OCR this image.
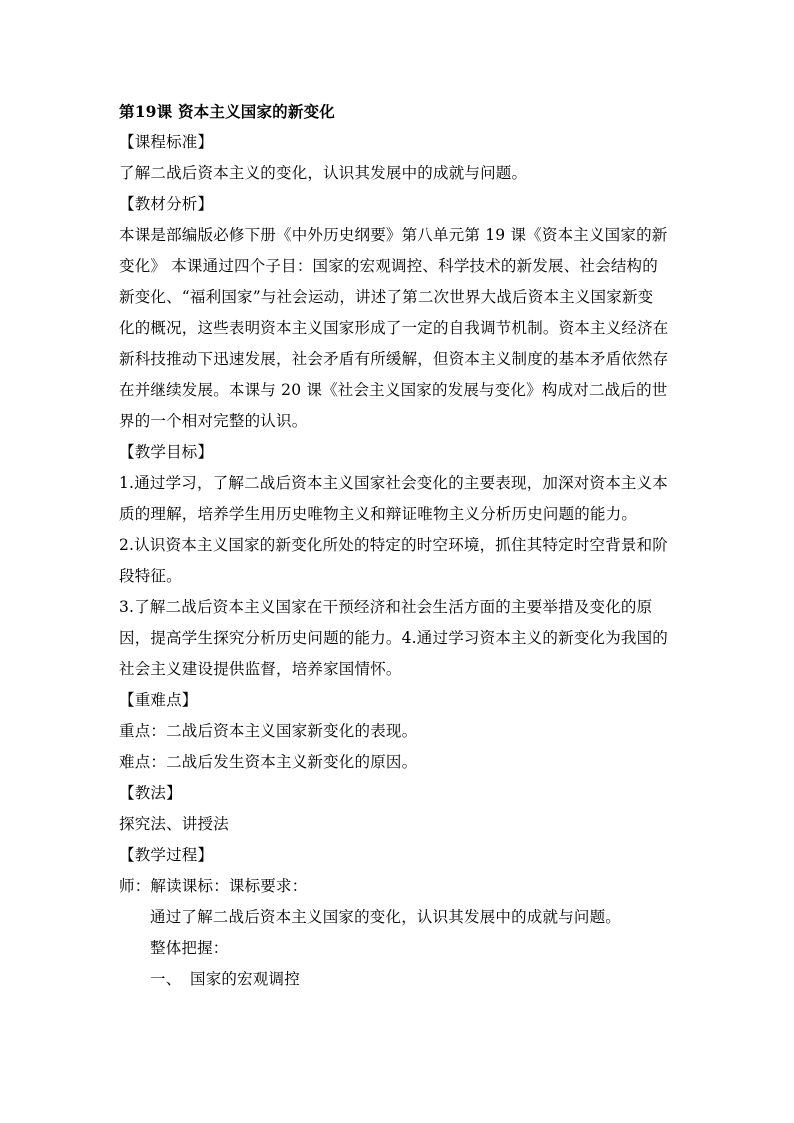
第19课 资本主义国家的新变化
【课程标准】
了解二战后资本主义的变化，认识其发展中的成就与问题。
【教材分析】
本课是部编版必修下册《中外历史纲要》第八单元第 19 课《资本主义国家的新
变化》 本课通过四个子目：国家的宏观调控、科学技术的新发展、社会结构的
新变化、“福利国家”与社会运动，讲述了第二次世界大战后资本主义国家新变
化的概况，这些表明资本主义国家形成了一定的自我调节机制。资本主义经济在
新科技推动下迅速发展，社会矛盾有所缓解，但资本主义制度的基本矛盾依然存
在并继续发展。本课与 20 课《社会主义国家的发展与变化》构成对二战后的世
界的一个相对完整的认识。
【教学目标】
1.通过学习，了解二战后资本主义国家社会变化的主要表现，加深对资本主义本
质的理解，培养学生用历史唯物主义和辩证唯物主义分析历史问题的能力。
2.认识资本主义国家的新变化所处的特定的时空环境，抓住其特定时空背景和阶
段特征。
3.了解二战后资本主义国家在干预经济和社会生活方面的主要举措及变化的原
因，提高学生探究分析历史问题的能力。4.通过学习资本主义的新变化为我国的
社会主义建设提供监督，培养家国情怀。
【重难点】
重点：二战后资本主义国家新变化的表现。
难点：二战后发生资本主义新变化的原因。
【教法】
探究法、讲授法
【教学过程】
师：解读课标：课标要求：
通过了解二战后资本主义国家的变化，认识其发展中的成就与问题。
整体把握：
一、 国家的宏观调控
